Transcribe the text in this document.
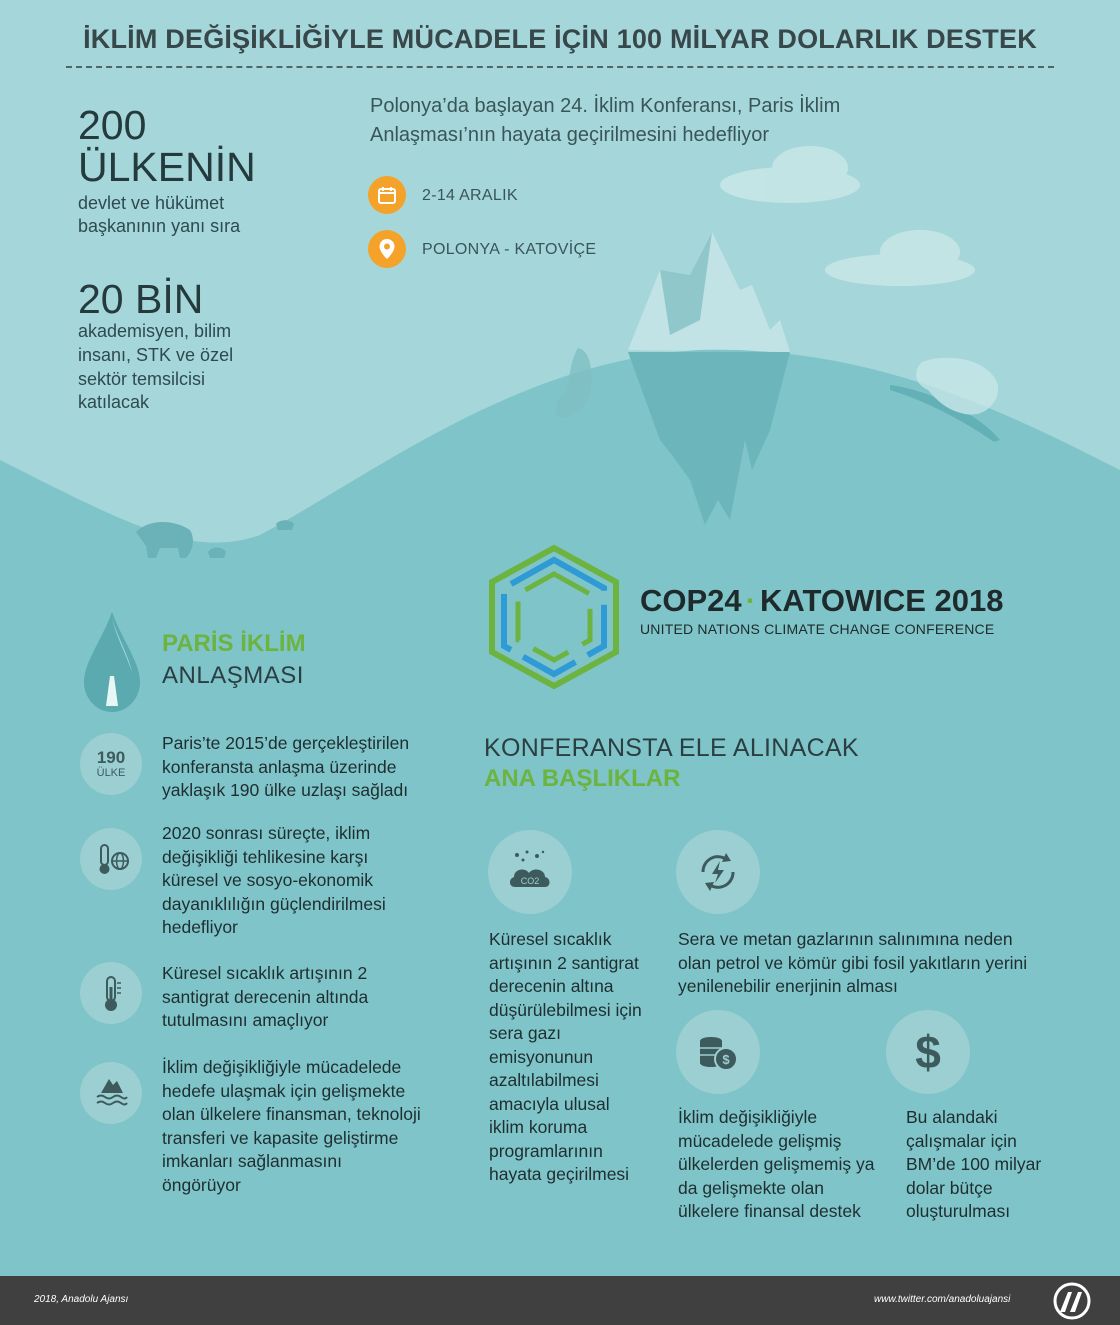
İKLİM DEĞİŞİKLİĞİYLE MÜCADELE İÇİN 100 MİLYAR DOLARLIK DESTEK
200
ÜLKENİN
devlet ve hükümet
başkanının yanı sıra
20 BİN
akademisyen, bilim
insanı, STK ve özel
sektör temsilcisi
katılacak
Polonya’da başlayan 24. İklim Konferansı, Paris İklim
Anlaşması’nın hayata geçirilmesini hedefliyor
2-14 ARALIK
POLONYA - KATOVİÇE
COP24 · KATOWICE 2018
UNITED NATIONS CLIMATE CHANGE CONFERENCE
PARİS İKLİM
ANLAŞMASI
190
ÜLKE
Paris’te 2015’de gerçekleştirilen konferansta anlaşma üzerinde yaklaşık 190 ülke uzlaşı sağladı
2020 sonrası süreçte, iklim değişikliği tehlikesine karşı küresel ve sosyo-ekonomik dayanıklılığın güçlendirilmesi hedefliyor
Küresel sıcaklık artışının 2 santigrat derecenin altında tutulmasını amaçlıyor
İklim değişikliğiyle mücadelede hedefe ulaşmak için gelişmekte olan ülkelere finansman, teknoloji transferi ve kapasite geliştirme imkanları sağlanmasını öngörüyor
KONFERANSTA ELE ALINACAK
ANA BAŞLIKLAR
CO2
Küresel sıcaklık artışının 2 santigrat derecenin altına düşürülebilmesi için sera gazı emisyonunun azaltılabilmesi amacıyla ulusal iklim koruma programlarının hayata geçirilmesi
Sera ve metan gazlarının salınımına neden olan petrol ve kömür gibi fosil yakıtların yerini yenilenebilir enerjinin alması
$
İklim değişikliğiyle mücadelede gelişmiş ülkelerden gelişmemiş ya da gelişmekte olan ülkelere finansal destek
$
Bu alandaki çalışmalar için BM’de 100 milyar dolar bütçe oluşturulması
2018, Anadolu Ajansı	www.twitter.com/anadoluajansi
